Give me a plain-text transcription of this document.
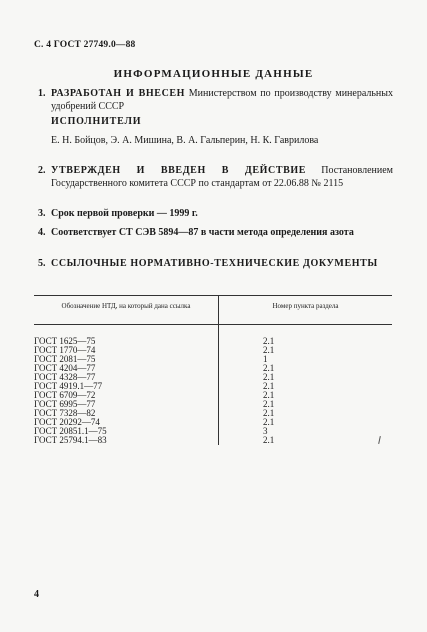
С. 4 ГОСТ 27749.0—88
ИНФОРМАЦИОННЫЕ ДАННЫЕ
1. РАЗРАБОТАН И ВНЕСЕН Министерством по производству минеральных удобрений СССР
ИСПОЛНИТЕЛИ
Е. Н. Бойцов, Э. А. Мишина, В. А. Гальперин, Н. К. Гаврилова
2. УТВЕРЖДЕН И ВВЕДЕН В ДЕЙСТВИЕ Постановлением Государственного комитета СССР по стандартам от 22.06.88 № 2115
3. Срок первой проверки — 1999 г.
4. Соответствует СТ СЭВ 5894—87 в части метода определения азота
5. ССЫЛОЧНЫЕ НОРМАТИВНО-ТЕХНИЧЕСКИЕ ДОКУМЕНТЫ
Обозначение НТД, на который дана ссылка	Номер пункта раздела
ГОСТ 1625—75	2.1
ГОСТ 1770—74	2.1
ГОСТ 2081—75	1
ГОСТ 4204—77	2.1
ГОСТ 4328—77	2.1
ГОСТ 4919.1—77	2.1
ГОСТ 6709—72	2.1
ГОСТ 6995—77	2.1
ГОСТ 7328—82	2.1
ГОСТ 20292—74	2.1
ГОСТ 20851.1—75	3
ГОСТ 25794.1—83	2.1
4
